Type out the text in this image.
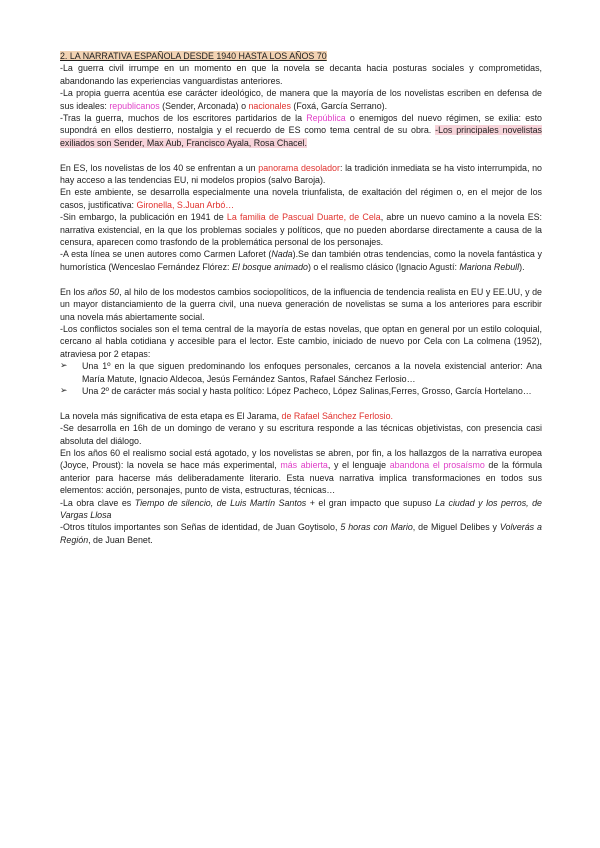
2. LA NARRATIVA ESPAÑOLA DESDE 1940 HASTA LOS AÑOS 70

-La guerra civil irrumpe en un momento en que la novela se decanta hacia posturas sociales y comprometidas, abandonando las experiencias vanguardistas anteriores.

-La propia guerra acentúa ese carácter ideológico, de manera que la mayoría de los novelistas escriben en defensa de sus ideales: republicanos (Sender, Arconada) o nacionales (Foxá, García Serrano).

-Tras la guerra, muchos de los escritores partidarios de la República o enemigos del nuevo régimen, se exilia: esto supondrá en ellos destierro, nostalgia y el recuerdo de ES como tema central de su obra. -Los principales novelistas exiliados son Sender, Max Aub, Francisco Ayala, Rosa Chacel.

En ES, los novelistas de los 40 se enfrentan a un panorama desolador: la tradición inmediata se ha visto interrumpida, no hay acceso a las tendencias EU, ni modelos propios (salvo Baroja).

En este ambiente, se desarrolla especialmente una novela triunfalista, de exaltación del régimen o, en el mejor de los casos, justificativa: Gironella, S.Juan Arbó…

-Sin embargo, la publicación en 1941 de La familia de Pascual Duarte, de Cela, abre un nuevo camino a la novela ES: narrativa existencial, en la que los problemas sociales y políticos, que no pueden abordarse directamente a causa de la censura, aparecen como trasfondo de la problemática personal de los personajes.

-A esta línea se unen autores como Carmen Laforet (Nada).Se dan también otras tendencias, como la novela fantástica y humorística (Wenceslao Fernández Flórez: El bosque animado) o el realismo clásico (Ignacio Agustí: Mariona Rebull).

En los años 50, al hilo de los modestos cambios sociopolíticos, de la influencia de tendencia realista en EU y EE.UU, y de un mayor distanciamiento de la guerra civil, una nueva generación de novelistas se suma a los anteriores para escribir una novela más abiertamente social.

-Los conflictos sociales son el tema central de la mayoría de estas novelas, que optan en general por un estilo coloquial, cercano al habla cotidiana y accesible para el lector. Este cambio, iniciado de nuevo por Cela con La colmena (1952), atraviesa por 2 etapas:

➢ Una 1º en la que siguen predominando los enfoques personales, cercanos a la novela existencial anterior: Ana María Matute, Ignacio Aldecoa, Jesús Fernández Santos, Rafael Sánchez Ferlosio…
➢ Una 2º de carácter más social y hasta político: López Pacheco, López Salinas,Ferres, Grosso, García Hortelano…

La novela más significativa de esta etapa es El Jarama, de Rafael Sánchez Ferlosio.

-Se desarrolla en 16h de un domingo de verano y su escritura responde a las técnicas objetivistas, con presencia casi absoluta del diálogo.

En los años 60 el realismo social está agotado, y los novelistas se abren, por fin, a los hallazgos de la narrativa europea (Joyce, Proust): la novela se hace más experimental, más abierta, y el lenguaje abandona el prosaísmo de la fórmula anterior para hacerse más deliberadamente literario. Esta nueva narrativa implica transformaciones en todos sus elementos: acción, personajes, punto de vista, estructuras, técnicas…

-La obra clave es Tiempo de silencio, de Luis Martín Santos + el gran impacto que supuso La ciudad y los perros, de Vargas Llosa

-Otros títulos importantes son Señas de identidad, de Juan Goytisolo, 5 horas con Mario, de Miguel Delibes y Volverás a Región, de Juan Benet.
